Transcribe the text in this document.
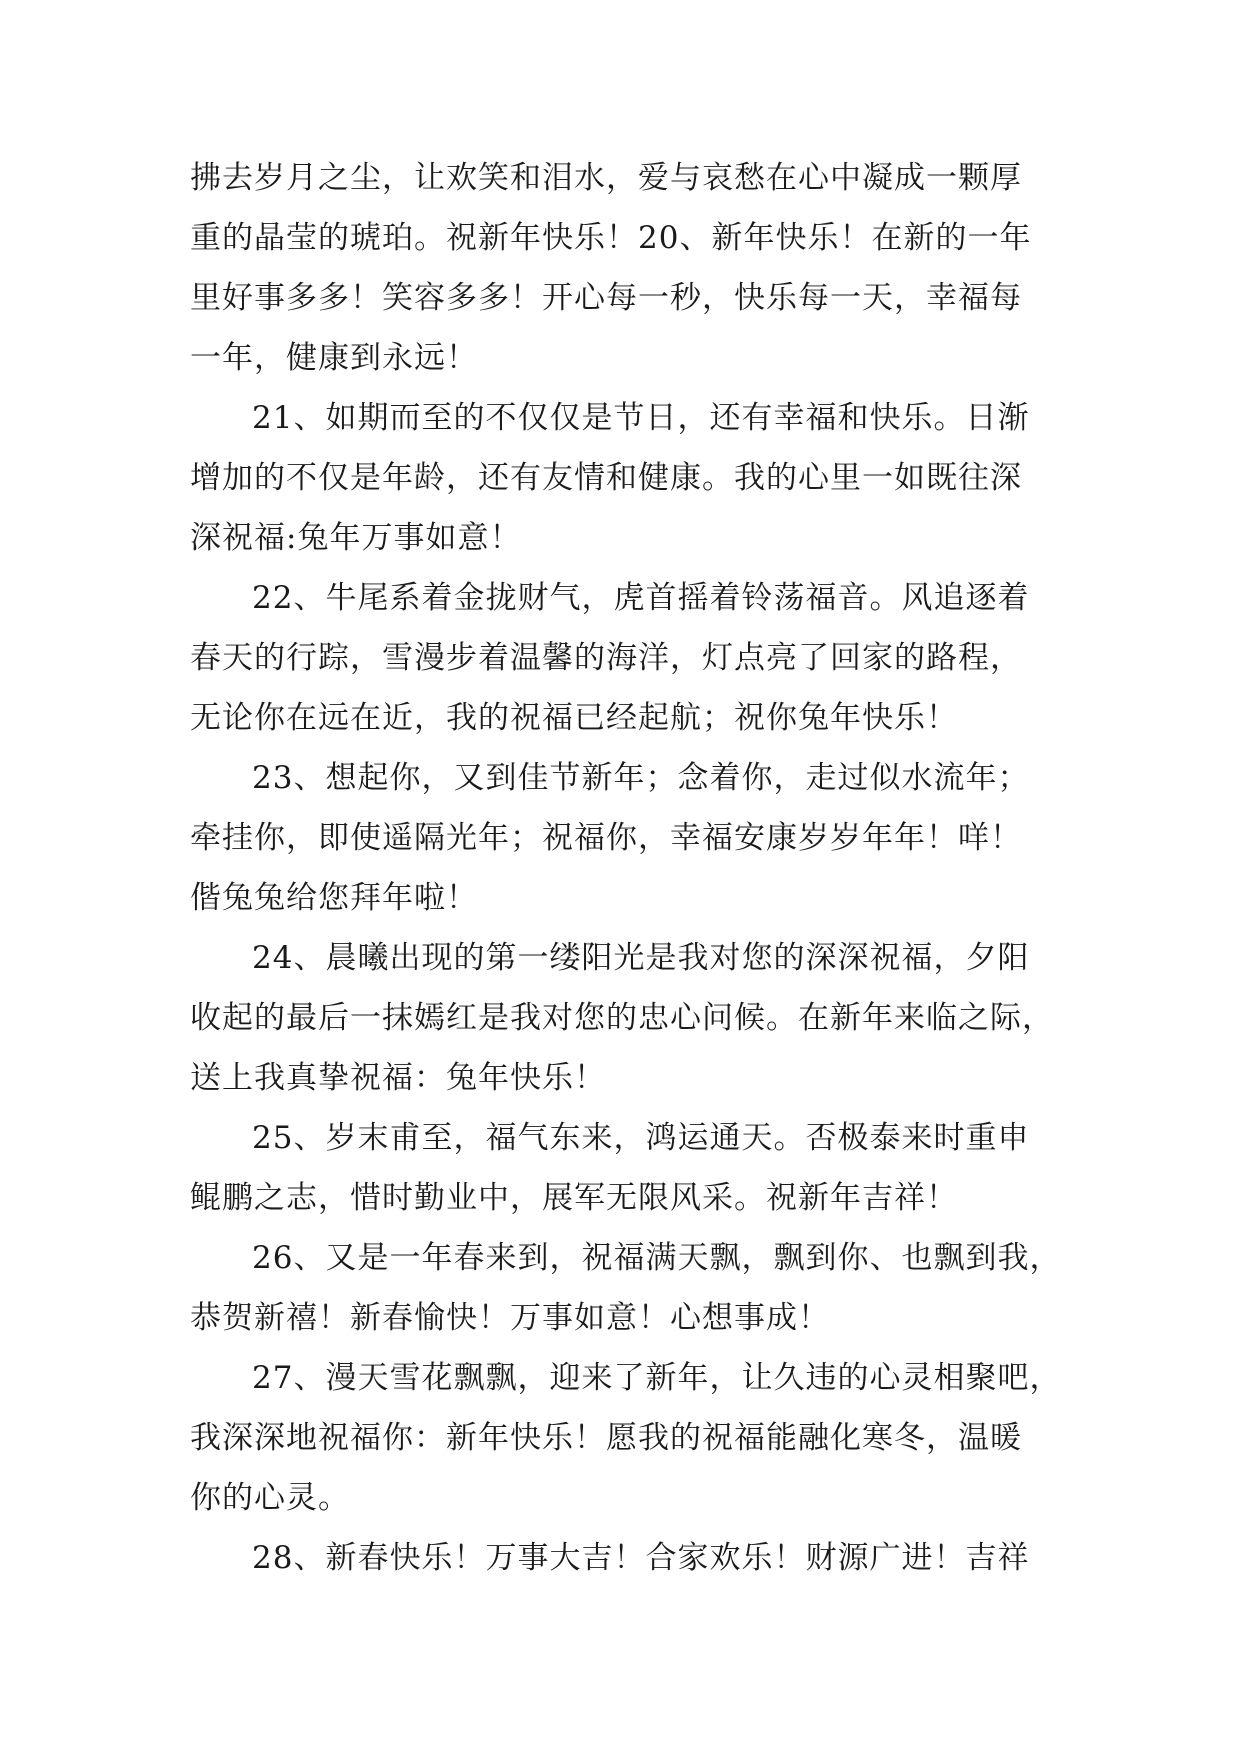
拂去岁月之尘，让欢笑和泪水，爱与哀愁在心中凝成一颗厚
重的晶莹的琥珀。祝新年快乐！20、新年快乐！在新的一年
里好事多多！笑容多多！开心每一秒，快乐每一天，幸福每
一年，健康到永远！
21、如期而至的不仅仅是节日，还有幸福和快乐。日渐
增加的不仅是年龄，还有友情和健康。我的心里一如既往深
深祝福:兔年万事如意！
22、牛尾系着金拢财气，虎首摇着铃荡福音。风追逐着
春天的行踪，雪漫步着温馨的海洋，灯点亮了回家的路程，
无论你在远在近，我的祝福已经起航；祝你兔年快乐！
23、想起你，又到佳节新年；念着你，走过似水流年；
牵挂你，即使遥隔光年；祝福你，幸福安康岁岁年年！咩！
偕兔兔给您拜年啦！
24、晨曦出现的第一缕阳光是我对您的深深祝福，夕阳
收起的最后一抹嫣红是我对您的忠心问候。在新年来临之际，
送上我真挚祝福：兔年快乐！
25、岁末甫至，福气东来，鸿运通天。否极泰来时重申
鲲鹏之志，惜时勤业中，展军无限风采。祝新年吉祥！
26、又是一年春来到，祝福满天飘，飘到你、也飘到我，
恭贺新禧！新春愉快！万事如意！心想事成！
27、漫天雪花飘飘，迎来了新年，让久违的心灵相聚吧，
我深深地祝福你：新年快乐！愿我的祝福能融化寒冬，温暖
你的心灵。
28、新春快乐！万事大吉！合家欢乐！财源广进！吉祥
